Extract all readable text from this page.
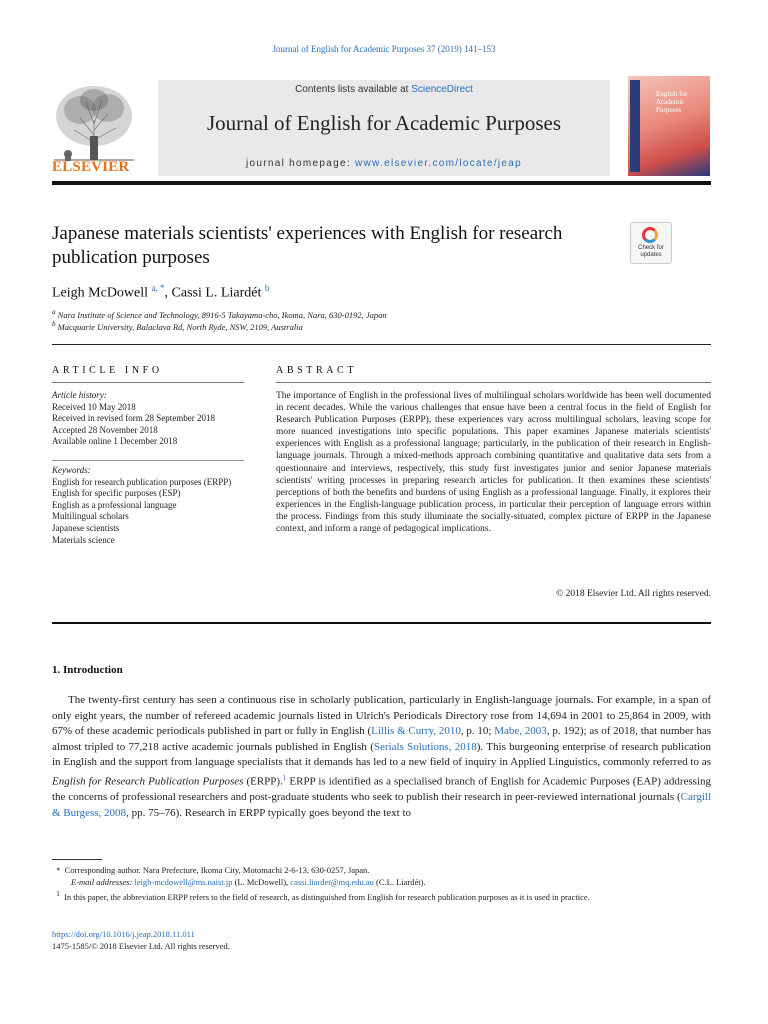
Journal of English for Academic Purposes 37 (2019) 141–153
ELSEVIER
Contents lists available at ScienceDirect
Journal of English for Academic Purposes
journal homepage: www.elsevier.com/locate/jeap
English for Academic Purposes
Japanese materials scientists' experiences with English for research publication purposes	Check for updates
Leigh McDowell $^{a, *}$, Cassi L. Liardét $^b$
$^a$ Nara Institute of Science and Technology, 8916-5 Takayama-cho, Ikoma, Nara, 630-0192, Japan
$^b$ Macquarie University, Balaclava Rd, North Ryde, NSW, 2109, Australia
ARTICLE INFO	ABSTRACT
Article history:
Received 10 May 2018
Received in revised form 28 September 2018
Accepted 28 November 2018
Available online 1 December 2018
Keywords:
English for research publication purposes (ERPP)
English for specific purposes (ESP)
English as a professional language
Multilingual scholars
Japanese scientists
Materials science
The importance of English in the professional lives of multilingual scholars worldwide has been well documented in recent decades. While the various challenges that ensue have been a central focus in the field of English for Research Publication Purposes (ERPP), these experiences vary across multilingual scholars, leaving scope for more nuanced investigations into specific populations. This paper examines Japanese materials scientists' experiences with English as a professional language; particularly, in the publication of their research in English-language journals. Through a mixed-methods approach combining quantitative and qualitative data sets from a questionnaire and interviews, respectively, this study first investigates junior and senior Japanese materials scientists' writing processes in preparing research articles for publication. It then examines these scientists' perceptions of both the benefits and burdens of using English as a professional language. Finally, it explores their experiences in the English-language publication process, in particular their perception of language errors within the process. Findings from this study illuminate the socially-situated, complex picture of ERPP in the Japanese context, and inform a range of pedagogical implications.
© 2018 Elsevier Ltd. All rights reserved.
1. Introduction
The twenty-first century has seen a continuous rise in scholarly publication, particularly in English-language journals. For example, in a span of only eight years, the number of refereed academic journals listed in Ulrich's Periodicals Directory rose from 14,694 in 2001 to 25,864 in 2009, with 67% of these academic periodicals published in part or fully in English (Lillis & Curry, 2010, p. 10; Mabe, 2003, p. 192); as of 2018, that number has almost tripled to 77,218 active academic journals published in English (Serials Solutions, 2018). This burgeoning enterprise of research publication in English and the support from language specialists that it demands has led to a new field of inquiry in Applied Linguistics, commonly referred to as English for Research Publication Purposes (ERPP).$^1$ ERPP is identified as a specialised branch of English for Academic Purposes (EAP) addressing the concerns of professional researchers and post-graduate students who seek to publish their research in peer-reviewed international journals (Cargill & Burgess, 2008, pp. 75–76). Research in ERPP typically goes beyond the text to

* Corresponding author. Nara Prefecture, Ikoma City, Motomachi 2-6-13, 630-0257, Japan.

E-mail addresses: leigh-mcdowell@ms.naist.jp (L. McDowell), cassi.liardet@mq.edu.au (C.L. Liardét).

$^1$ In this paper, the abbreviation ERPP refers to the field of research, as distinguished from English for research publication purposes as it is used in practice.

https://doi.org/10.1016/j.jeap.2018.11.011
1475-1585/© 2018 Elsevier Ltd. All rights reserved.
